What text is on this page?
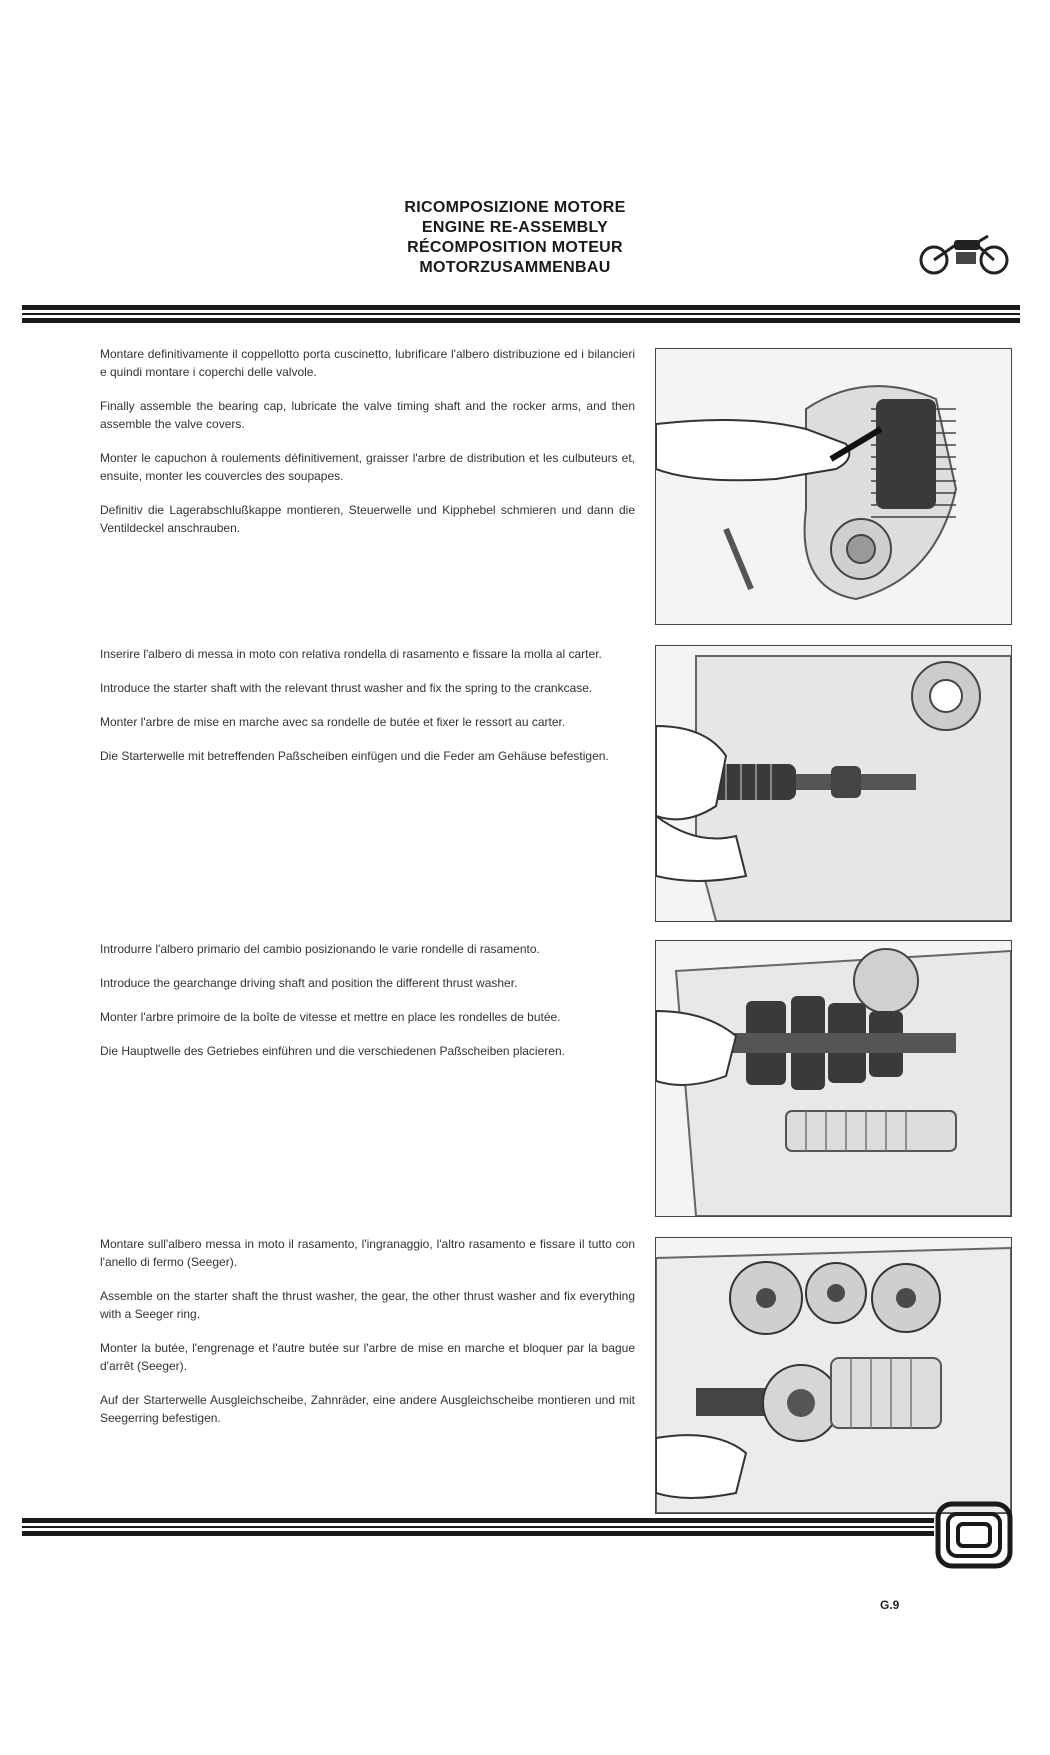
RICOMPOSIZIONE MOTORE
ENGINE RE-ASSEMBLY
RÉCOMPOSITION MOTEUR
MOTORZUSAMMENBAU

Montare definitivamente il coppellotto porta cuscinetto, lubrificare l'albero distribuzione ed i bilancieri e quindi montare i coperchi delle valvole.

Finally assemble the bearing cap, lubricate the valve timing shaft and the rocker arms, and then assemble the valve covers.

Monter le capuchon à roulements définitivement, graisser l'arbre de distribution et les culbuteurs et, ensuite, monter les couvercles des soupapes.

Definitiv die Lagerabschlußkappe montieren, Steuerwelle und Kipphebel schmieren und dann die Ventildeckel anschrauben.

Inserire l'albero di messa in moto con relativa rondella di rasamento e fissare la molla al carter.

Introduce the starter shaft with the relevant thrust washer and fix the spring to the crankcase.

Monter l'arbre de mise en marche avec sa rondelle de butée et fixer le ressort au carter.

Die Starterwelle mit betreffenden Paßscheiben einfügen und die Feder am Gehäuse befestigen.

Introdurre l'albero primario del cambio posizionando le varie rondelle di rasamento.

Introduce the gearchange driving shaft and position the different thrust washer.

Monter l'arbre primoire de la boîte de vitesse et mettre en place les rondelles de butée.

Die Hauptwelle des Getriebes einführen und die verschiedenen Paßscheiben placieren.

Montare sull'albero messa in moto il rasamento, l'ingranaggio, l'altro rasamento e fissare il tutto con l'anello di fermo (Seeger).

Assemble on the starter shaft the thrust washer, the gear, the other thrust washer and fix everything with a Seeger ring.

Monter la butée, l'engrenage et l'autre butée sur l'arbre de mise en marche et bloquer par la bague d'arrêt (Seeger).

Auf der Starterwelle Ausgleichscheibe, Zahnräder, eine andere Ausgleichscheibe montieren und mit Seegerring befestigen.

G.9
